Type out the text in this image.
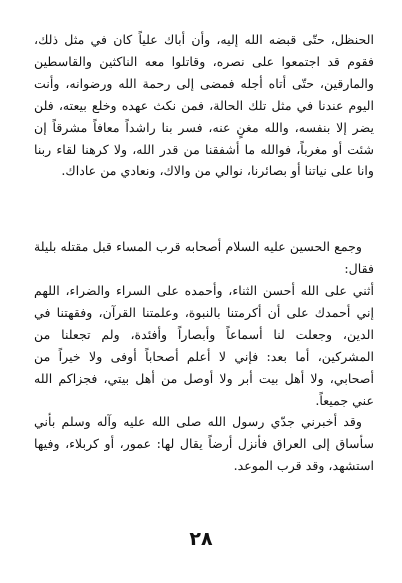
الحنظل، حتّى قبضه الله إليه، وأن أباك علياً كان في مثل ذلك، فقوم قد اجتمعوا على نصره، وقاتلوا معه الناكثين والقاسطين والمارقين، حتّى أتاه أجله فمضى إلى رحمة الله ورضوانه، وأنت اليوم عندنا في مثل تلك الحالة، فمن نكث عهده وخلع بيعته، فلن يضر إلا بنفسه، والله مغنٍ عنه، فسر بنا راشداً معافاً مشرقاً إن شئت أو مغرباً، فوالله ما أشفقنا من قدر الله، ولا كرهنا لقاء ربنا وانا على نياتنا أو بصائرنا، نوالي من والاك، ونعادي من عاداك.

وجمع الحسين عليه السلام أصحابه قرب المساء قبل مقتله بليلة فقال:

أثني على الله أحسن الثناء، وأحمده على السراء والضراء، اللهم إني أحمدك على أن أكرمتنا بالنبوة، وعلمتنا القرآن، وفقهتنا في الدين، وجعلت لنا أسماعاً وأبصاراً وأفئدة، ولم تجعلنا من المشركين، أما بعد: فإني لا أعلم أصحاباً أوفى ولا خيراً من أصحابي، ولا أهل بيت أبر ولا أوصل من أهل بيتي، فجزاكم الله عني جميعاً.

وقد أخبرني جدّي رسول الله صلى الله عليه وآله وسلم بأني سأساق إلى العراق فأنزل أرضاً يقال لها: عمور، أو كربلاء، وفيها استشهد، وقد قرب الموعد.

٢٨
